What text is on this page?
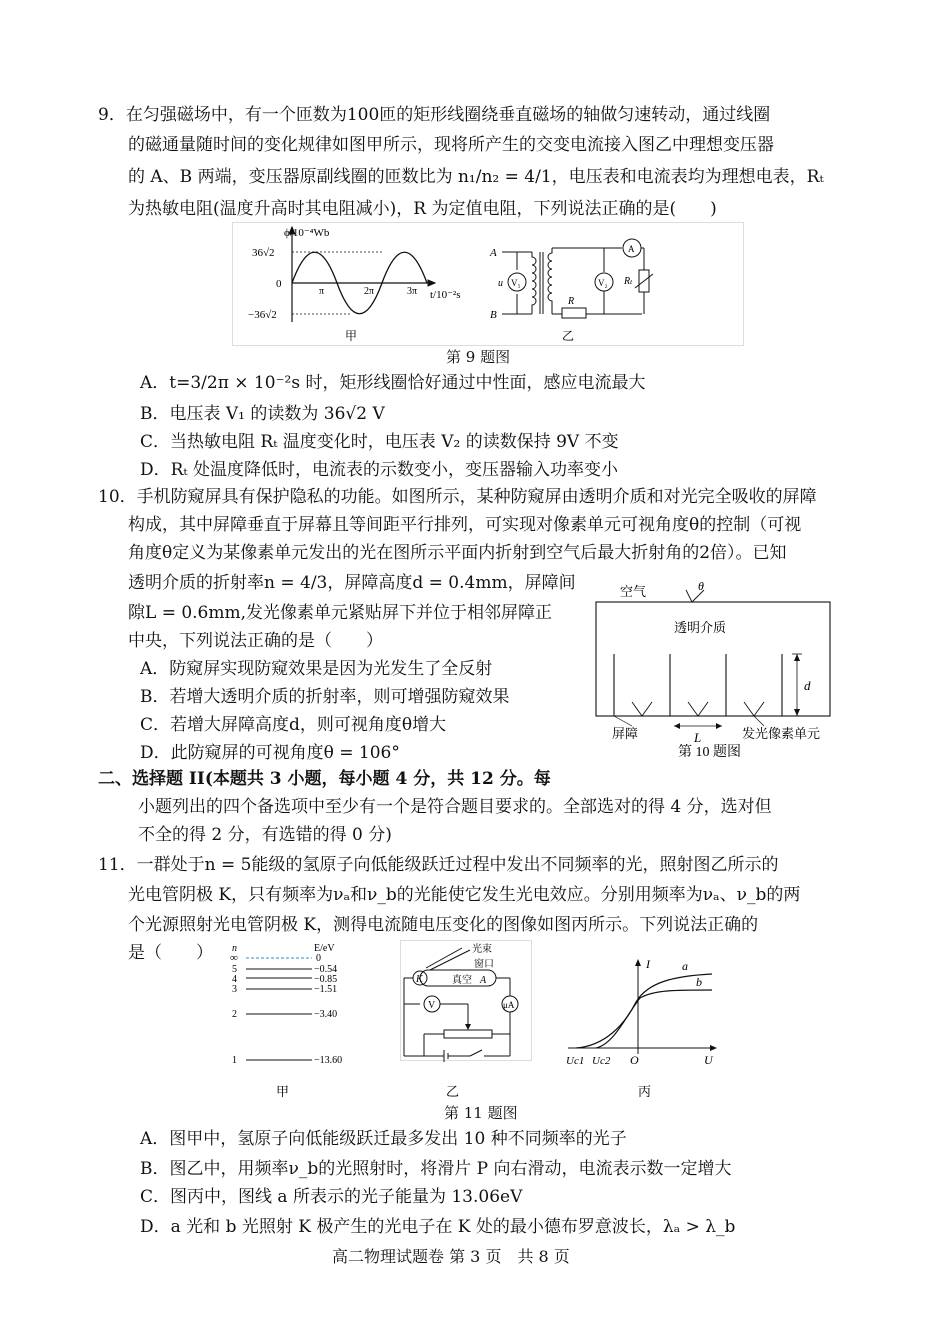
9．在匀强磁场中，有一个匝数为100匝的矩形线圈绕垂直磁场的轴做匀速转动，通过线圈
的磁通量随时间的变化规律如图甲所示，现将所产生的交变电流接入图乙中理想变压器
的 A、B 两端，变压器原副线圈的匝数比为 n₁/n₂ = 4/1，电压表和电流表均为理想电表，Rₜ
为热敏电阻(温度升高时其电阻减小)，R 为定值电阻，下列说法正确的是(　　)
ϕ/10⁻⁴Wb
36√2
0
−36√2
π	2π	3π t/10⁻²s
甲
A
B
u V₁	V₂
A
R
Rₜ
乙
第 9 题图
A．t=3/2π × 10⁻²s 时，矩形线圈恰好通过中性面，感应电流最大
B．电压表 V₁ 的读数为 36√2 V
C．当热敏电阻 Rₜ 温度变化时，电压表 V₂ 的读数保持 9V 不变
D．Rₜ 处温度降低时，电流表的示数变小，变压器输入功率变小
10．手机防窥屏具有保护隐私的功能。如图所示，某种防窥屏由透明介质和对光完全吸收的屏障
构成，其中屏障垂直于屏幕且等间距平行排列，可实现对像素单元可视角度θ的控制（可视
角度θ定义为某像素单元发出的光在图所示平面内折射到空气后最大折射角的2倍）。已知
透明介质的折射率n = 4/3，屏障高度d = 0.4mm，屏障间
隙L = 0.6mm,发光像素单元紧贴屏下并位于相邻屏障正
中央，下列说法正确的是（　　）
A．防窥屏实现防窥效果是因为光发生了全反射
B．若增大透明介质的折射率，则可增强防窥效果
C．若增大屏障高度d，则可视角度θ增大
D．此防窥屏的可视角度θ = 106°
空气	θ
透明介质
d
L
屏障	发光像素单元
第 10 题图
二、选择题 II(本题共 3 小题，每小题 4 分，共 12 分。每
小题列出的四个备选项中至少有一个是符合题目要求的。全部选对的得 4 分，选对但
不全的得 2 分，有选错的得 0 分)
11．一群处于n = 5能级的氢原子向低能级跃迁过程中发出不同频率的光，照射图乙所示的
光电管阴极 K，只有频率为νₐ和ν_b的光能使它发生光电效应。分别用频率为νₐ、ν_b的两
个光源照射光电管阴极 K，测得电流随电压变化的图像如图丙所示。下列说法正确的
是（　　） n	E/eV
∞	0
5	−0.54
4	−0.85
3	−1.51
2	−3.40
1	−13.60
甲
光束
窗口
K	真空 A
μA
V
乙
I	a
b
Uc1 Uc2 O	U
丙
第 11 题图
A．图甲中，氢原子向低能级跃迁最多发出 10 种不同频率的光子
B．图乙中，用频率ν_b的光照射时，将滑片 P 向右滑动，电流表示数一定增大
C．图丙中，图线 a 所表示的光子能量为 13.06eV
D．a 光和 b 光照射 K 极产生的光电子在 K 处的最小德布罗意波长，λₐ > λ_b
高二物理试题卷 第 3 页　共 8 页
